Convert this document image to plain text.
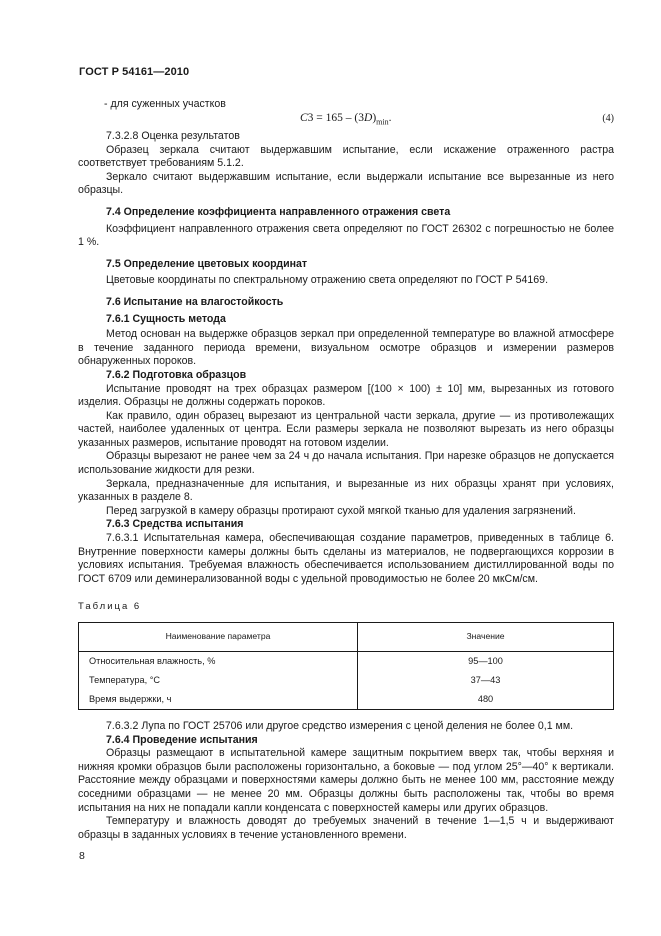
ГОСТ Р 54161—2010
- для суженных участков
$C3 = 165 - (3D)_{min}$.	(4)

7.3.2.8 Оценка результатов

Образец зеркала считают выдержавшим испытание, если искажение отраженного растра соответствует требованиям 5.1.2.

Зеркало считают выдержавшим испытание, если выдержали испытание все вырезанные из него образцы.

7.4 Определение коэффициента направленного отражения света

Коэффициент направленного отражения света определяют по ГОСТ 26302 с погрешностью не более 1 %.

7.5 Определение цветовых координат

Цветовые координаты по спектральному отражению света определяют по ГОСТ Р 54169.

7.6 Испытание на влагостойкость

7.6.1 Сущность метода

Метод основан на выдержке образцов зеркал при определенной температуре во влажной атмосфере в течение заданного периода времени, визуальном осмотре образцов и измерении размеров обнаруженных пороков.

7.6.2 Подготовка образцов

Испытание проводят на трех образцах размером [(100 × 100) ± 10] мм, вырезанных из готового изделия. Образцы не должны содержать пороков.

Как правило, один образец вырезают из центральной части зеркала, другие — из противолежащих частей, наиболее удаленных от центра. Если размеры зеркала не позволяют вырезать из него образцы указанных размеров, испытание проводят на готовом изделии.

Образцы вырезают не ранее чем за 24 ч до начала испытания. При нарезке образцов не допускается использование жидкости для резки.

Зеркала, предназначенные для испытания, и вырезанные из них образцы хранят при условиях, указанных в разделе 8.

Перед загрузкой в камеру образцы протирают сухой мягкой тканью для удаления загрязнений.

7.6.3 Средства испытания

7.6.3.1 Испытательная камера, обеспечивающая создание параметров, приведенных в таблице 6. Внутренние поверхности камеры должны быть сделаны из материалов, не подвергающихся коррозии в условиях испытания. Требуемая влажность обеспечивается использованием дистиллированной воды по ГОСТ 6709 или деминерализованной воды с удельной проводимостью не более 20 мкСм/см.

Таблица 6

Наименование параметра	Значение
Относительная влажность, %	95—100
Температура, °С	37—43
Время выдержки, ч	480

7.6.3.2 Лупа по ГОСТ 25706 или другое средство измерения с ценой деления не более 0,1 мм.

7.6.4 Проведение испытания

Образцы размещают в испытательной камере защитным покрытием вверх так, чтобы верхняя и нижняя кромки образцов были расположены горизонтально, а боковые — под углом 25°—40° к вертикали. Расстояние между образцами и поверхностями камеры должно быть не менее 100 мм, расстояние между соседними образцами — не менее 20 мм. Образцы должны быть расположены так, чтобы во время испытания на них не попадали капли конденсата с поверхностей камеры или других образцов.

Температуру и влажность доводят до требуемых значений в течение 1—1,5 ч и выдерживают образцы в заданных условиях в течение установленного времени.

8
